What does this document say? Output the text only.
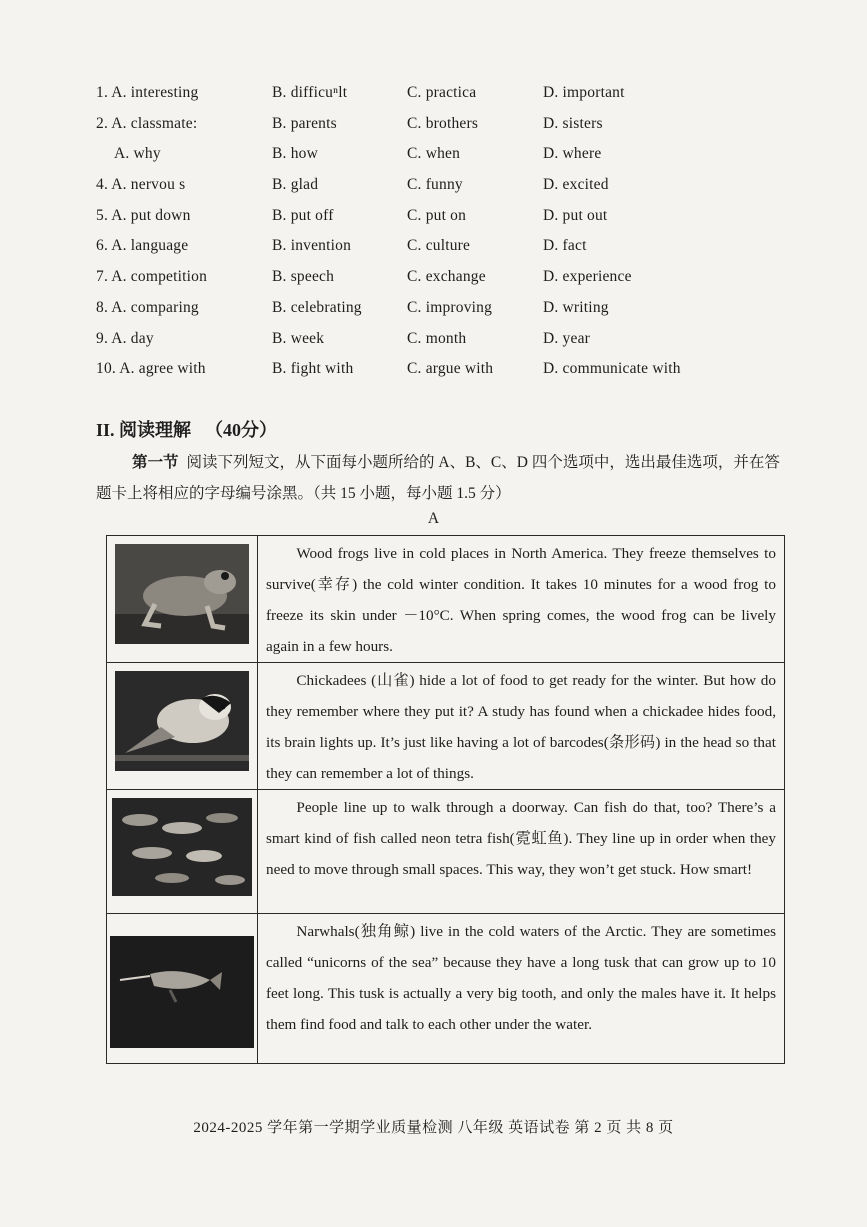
1. A. interesting	B. difficuⁿlt	C. practica	D. important
2. A. classmate:	B. parents	C. brothers	D. sisters
A. why	B. how	C. when	D. where
4. A. nervou s	B. glad	C. funny	D. excited
5. A. put down	B. put off	C. put on	D. put out
6. A. language	B. invention	C. culture	D. fact
7. A. competition	B. speech	C. exchange	D. experience
8. A. comparing	B. celebrating	C. improving	D. writing
9. A. day	B. week	C. month	D. year
10. A. agree with	B. fight with	C. argue with	D. communicate with
II. 阅读理解 （40分）
第一节 阅读下列短文，从下面每小题所给的 A、B、C、D 四个选项中，选出最佳选项，并在答题卡上将相应的字母编号涂黑。（共 15 小题，每小题 1.5 分）
A

Wood frogs live in cold places in North America. They freeze themselves to survive(幸存) the cold winter condition. It takes 10 minutes for a wood frog to freeze its skin under －10°C. When spring comes, the wood frog can be lively again in a few hours.

Chickadees (山雀) hide a lot of food to get ready for the winter. But how do they remember where they put it? A study has found when a chickadee hides food, its brain lights up. It’s just like having a lot of barcodes(条形码) in the head so that they can remember a lot of things.

People line up to walk through a doorway. Can fish do that, too? There’s a smart kind of fish called neon tetra fish(霓虹鱼). They line up in order when they need to move through small spaces. This way, they won’t get stuck. How smart!

Narwhals(独角鲸) live in the cold waters of the Arctic. They are sometimes called “unicorns of the sea” because they have a long tusk that can grow up to 10 feet long. This tusk is actually a very big tooth, and only the males have it. It helps them find food and talk to each other under the water.

2024-2025 学年第一学期学业质量检测 八年级 英语试卷 第 2 页 共 8 页
